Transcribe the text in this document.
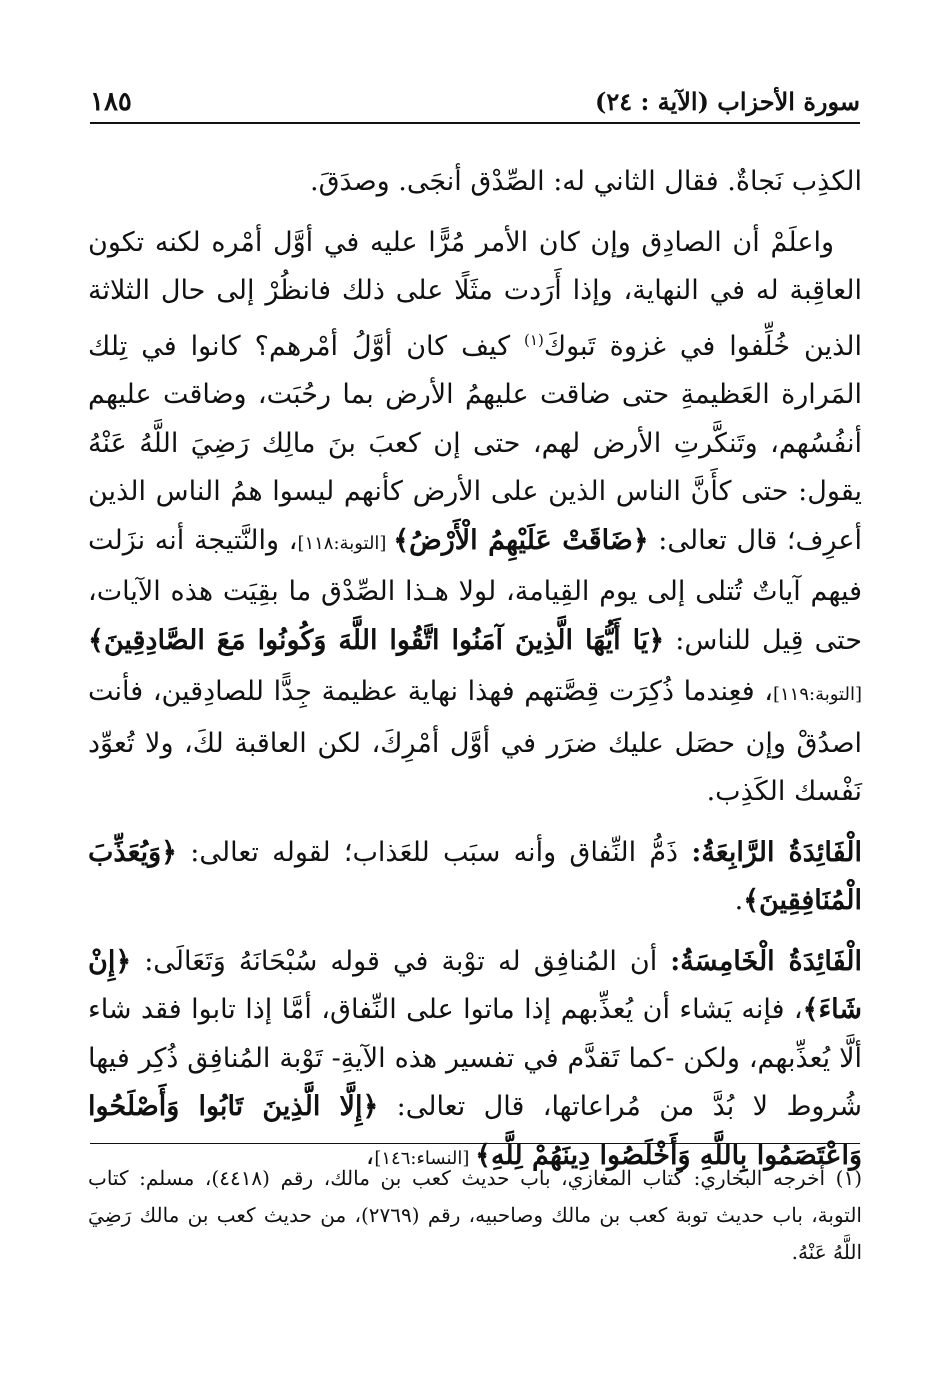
سورة الأحزاب (الآية : ٢٤)
١٨٥

الكذِب نَجاةٌ. فقال الثاني له: الصِّدْق أنجَى. وصدَقَ.

واعلَمْ أن الصادِق وإن كان الأمر مُرًّا عليه في أوَّل أمْره لكنه تكون العاقِبة له في النهاية، وإذا أَرَدت مثَلًا على ذلك فانظُرْ إلى حال الثلاثة الذين خُلِّفوا في غزوة تَبوكَ$^{(١)}$ كيف كان أوَّلُ أمْرهم؟ كانوا في تِلك المَرارة العَظيمةِ حتى ضاقت عليهمُ الأرض بما رحُبَت، وضاقت عليهم أنفُسُهم، وتَنكَّرتِ الأرض لهم، حتى إن كعبَ بنَ مالِك رَضِيَ اللَّهُ عَنْهُ يقول: حتى كأَنَّ الناس الذين على الأرض كأنهم ليسوا همُ الناس الذين أعرِف؛ قال تعالى: ﴿ضَاقَتْ عَلَيْهِمُ الْأَرْضُ﴾ [التوبة:١١٨]، والنَّتيجة أنه نزَلت فيهم آياتٌ تُتلى إلى يوم القِيامة، لولا هـذا الصِّدْق ما بقِيَت هذه الآيات، حتى قِيل للناس: ﴿يَا أَيُّهَا الَّذِينَ آمَنُوا اتَّقُوا اللَّهَ وَكُونُوا مَعَ الصَّادِقِينَ﴾ [التوبة:١١٩]، فعِندما ذُكِرَت قِصَّتهم فهذا نهاية عظيمة جِدًّا للصادِقين، فأنت اصدُقْ وإن حصَل عليك ضرَر في أوَّل أمْرِكَ، لكن العاقبة لكَ، ولا تُعوِّد نَفْسك الكَذِب.

الْفَائِدَةُ الرَّابِعَةُ: ذَمُّ النِّفاق وأنه سبَب للعَذاب؛ لقوله تعالى: ﴿وَيُعَذِّبَ الْمُنَافِقِينَ﴾.

الْفَائِدَةُ الْخَامِسَةُ: أن المُنافِق له توْبة في قوله سُبْحَانَهُ وَتَعَالَى: ﴿إِنْ شَاءَ﴾، فإنه يَشاء أن يُعذِّبهم إذا ماتوا على النِّفاق، أمَّا إذا تابوا فقد شاء ألَّا يُعذِّبهم، ولكن -كما تَقدَّم في تفسير هذه الآيةِ- تَوْبة المُنافِق ذُكِر فيها شُروط لا بُدَّ من مُراعاتها، قال تعالى: ﴿إِلَّا الَّذِينَ تَابُوا وَأَصْلَحُوا وَاعْتَصَمُوا بِاللَّهِ وَأَخْلَصُوا دِينَهُمْ لِلَّهِ﴾ [النساء:١٤٦]،

(١) أخرجه البخاري: كتاب المغازي، باب حديث كعب بن مالك، رقم (٤٤١٨)، مسلم: كتاب التوبة، باب حديث توبة كعب بن مالك وصاحبيه، رقم (٢٧٦٩)، من حديث كعب بن مالك رَضِيَ اللَّهُ عَنْهُ.
